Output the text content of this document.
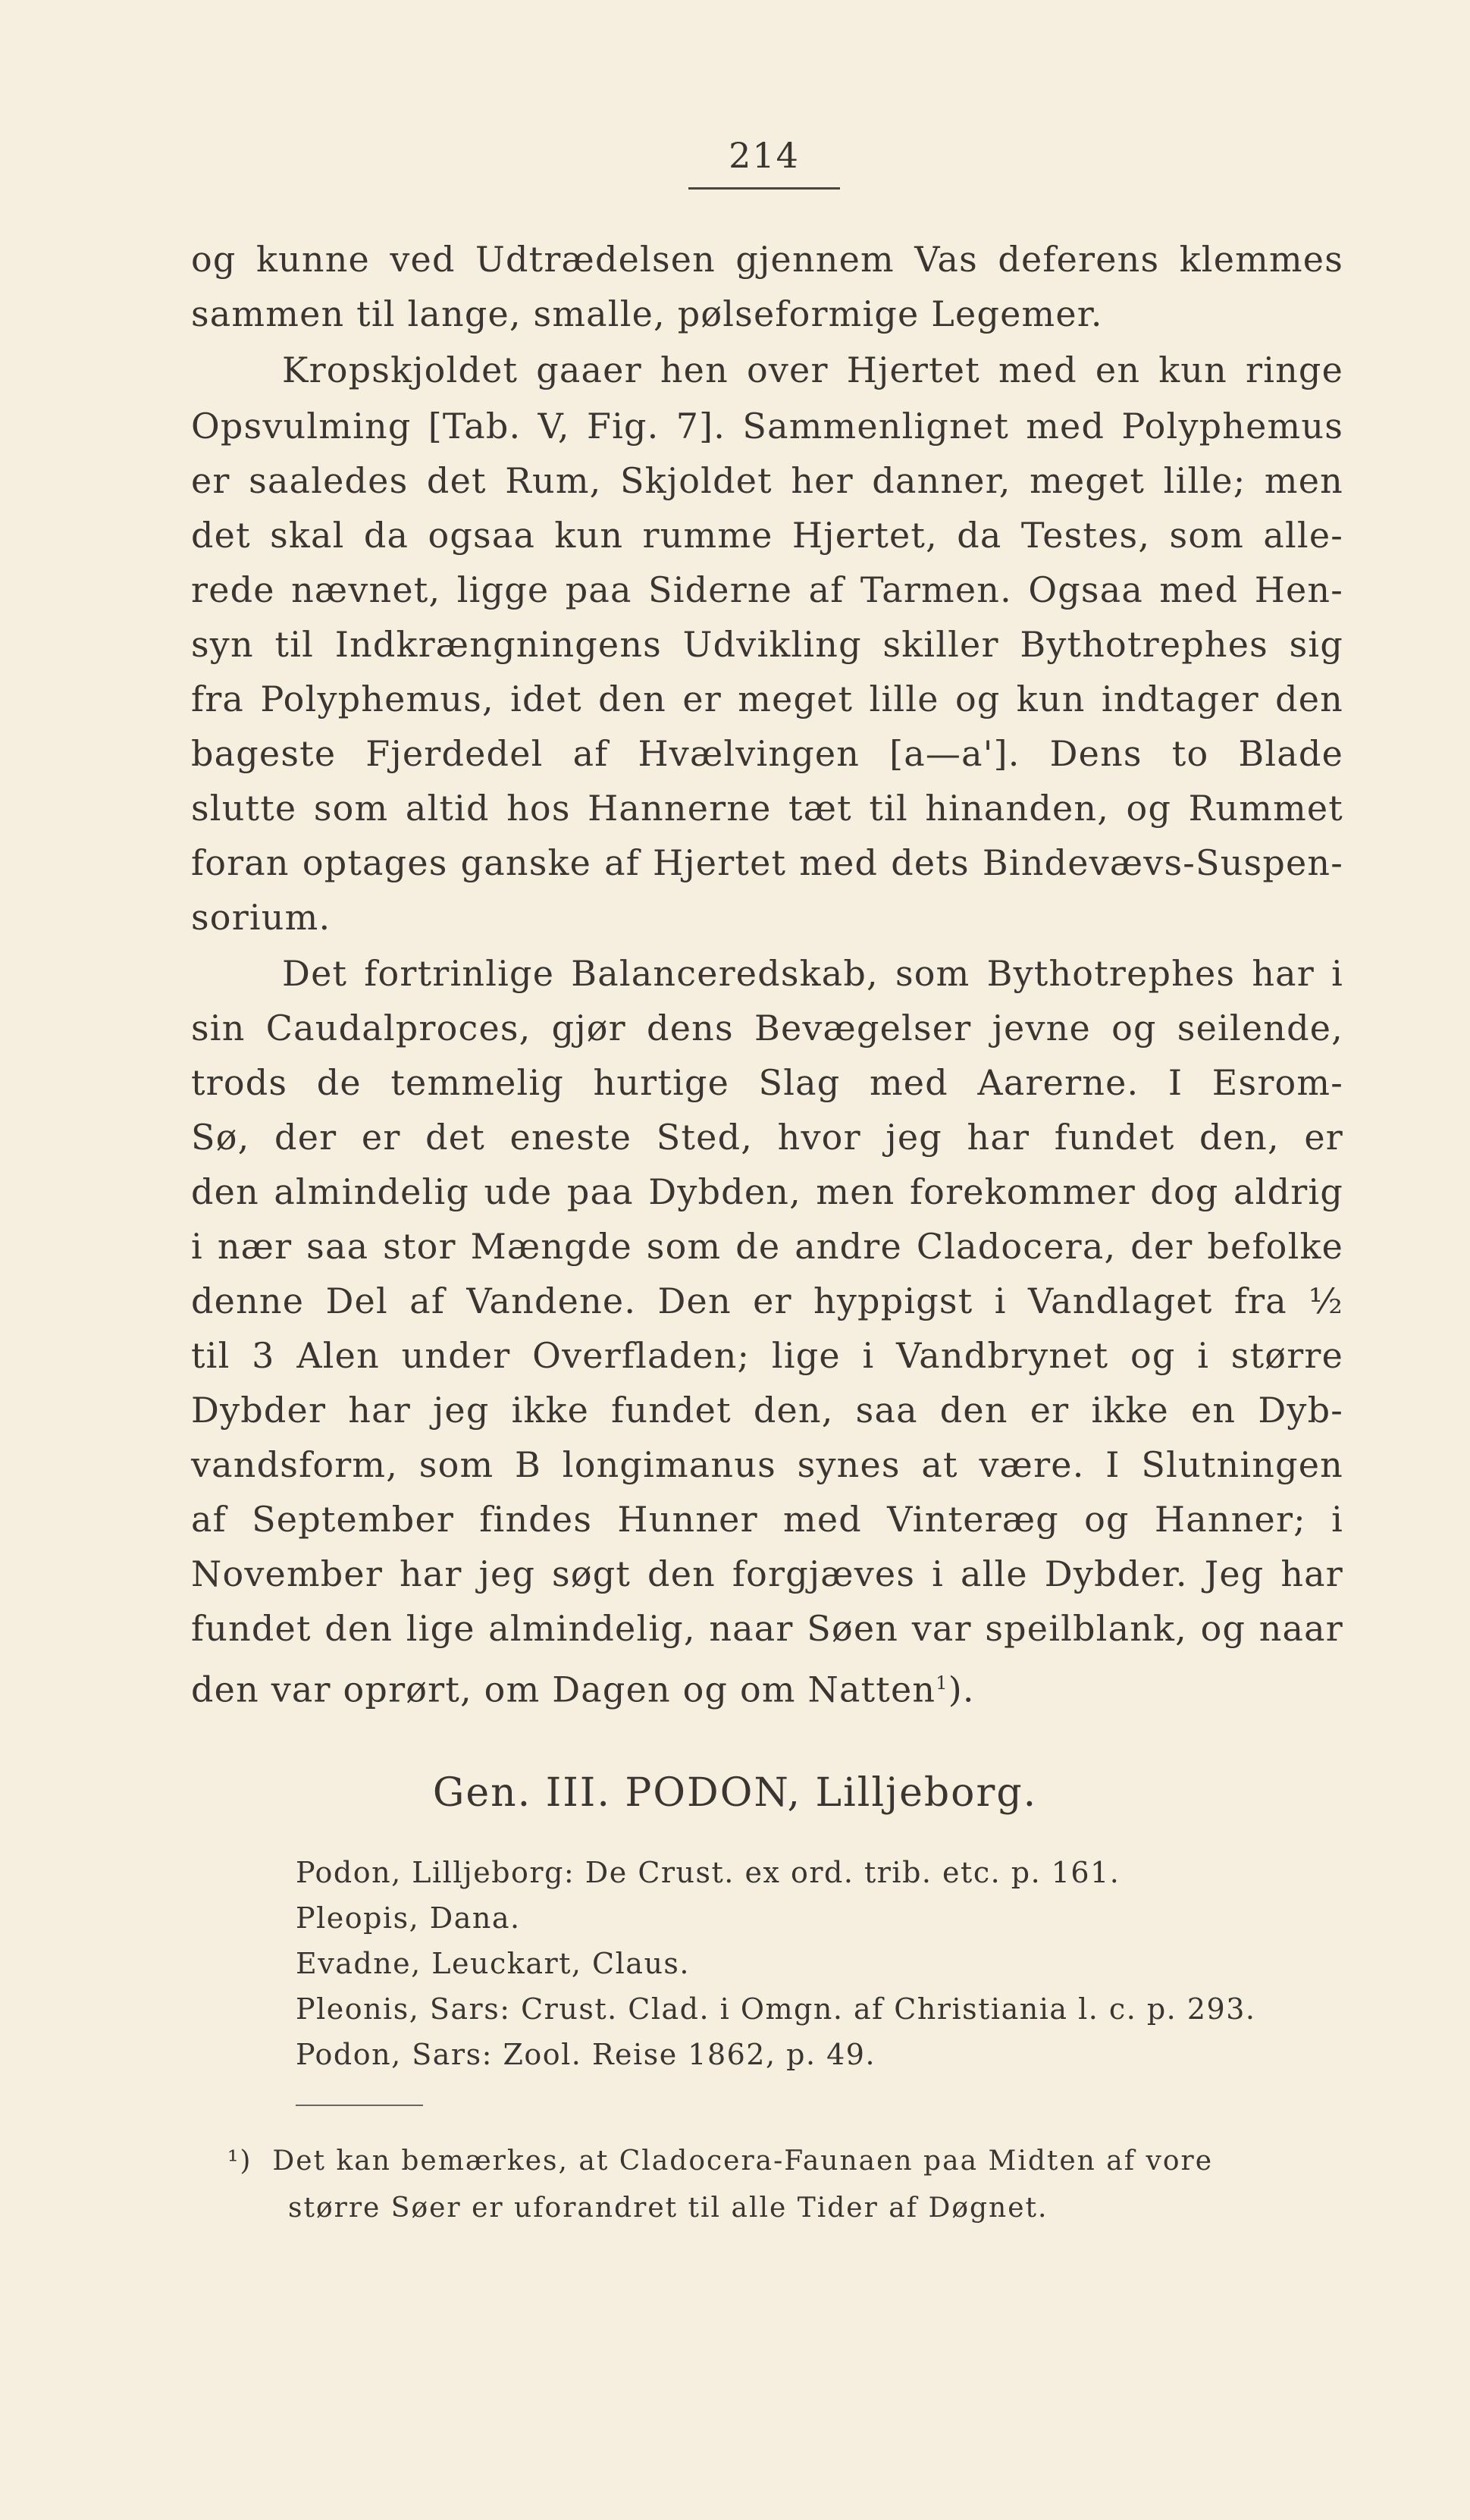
214
og kunne ved Udtrædelsen gjennem Vas deferens klemmes
sammen til lange, smalle, pølseformige Legemer.
Kropskjoldet gaaer hen over Hjertet med en kun ringe
Opsvulming [Tab. V, Fig. 7]. Sammenlignet med Polyphemus
er saaledes det Rum, Skjoldet her danner, meget lille; men
det skal da ogsaa kun rumme Hjertet, da Testes, som alle-
rede nævnet, ligge paa Siderne af Tarmen. Ogsaa med Hen-
syn til Indkrængningens Udvikling skiller Bythotrephes sig
fra Polyphemus, idet den er meget lille og kun indtager den
bageste Fjerdedel af Hvælvingen [a—a']. Dens to Blade
slutte som altid hos Hannerne tæt til hinanden, og Rummet
foran optages ganske af Hjertet med dets Bindevævs-Suspen-
sorium.
Det fortrinlige Balanceredskab, som Bythotrephes har i
sin Caudalproces, gjør dens Bevægelser jevne og seilende,
trods de temmelig hurtige Slag med Aarerne. I Esrom-
Sø, der er det eneste Sted, hvor jeg har fundet den, er
den almindelig ude paa Dybden, men forekommer dog aldrig
i nær saa stor Mængde som de andre Cladocera, der befolke
denne Del af Vandene. Den er hyppigst i Vandlaget fra ½
til 3 Alen under Overfladen; lige i Vandbrynet og i større
Dybder har jeg ikke fundet den, saa den er ikke en Dyb-
vandsform, som B longimanus synes at være. I Slutningen
af September findes Hunner med Vinteræg og Hanner; i
November har jeg søgt den forgjæves i alle Dybder. Jeg har
fundet den lige almindelig, naar Søen var speilblank, og naar
den var oprørt, om Dagen og om Natten$^1$).
Gen. III. PODON, Lilljeborg.
Podon, Lilljeborg: De Crust. ex ord. trib. etc. p. 161.
Pleopis, Dana.
Evadne, Leuckart, Claus.
Pleonis, Sars: Crust. Clad. i Omgn. af Christiania l. c. p. 293.
Podon, Sars: Zool. Reise 1862, p. 49.
¹) Det kan bemærkes, at Cladocera-Faunaen paa Midten af vore
større Søer er uforandret til alle Tider af Døgnet.
